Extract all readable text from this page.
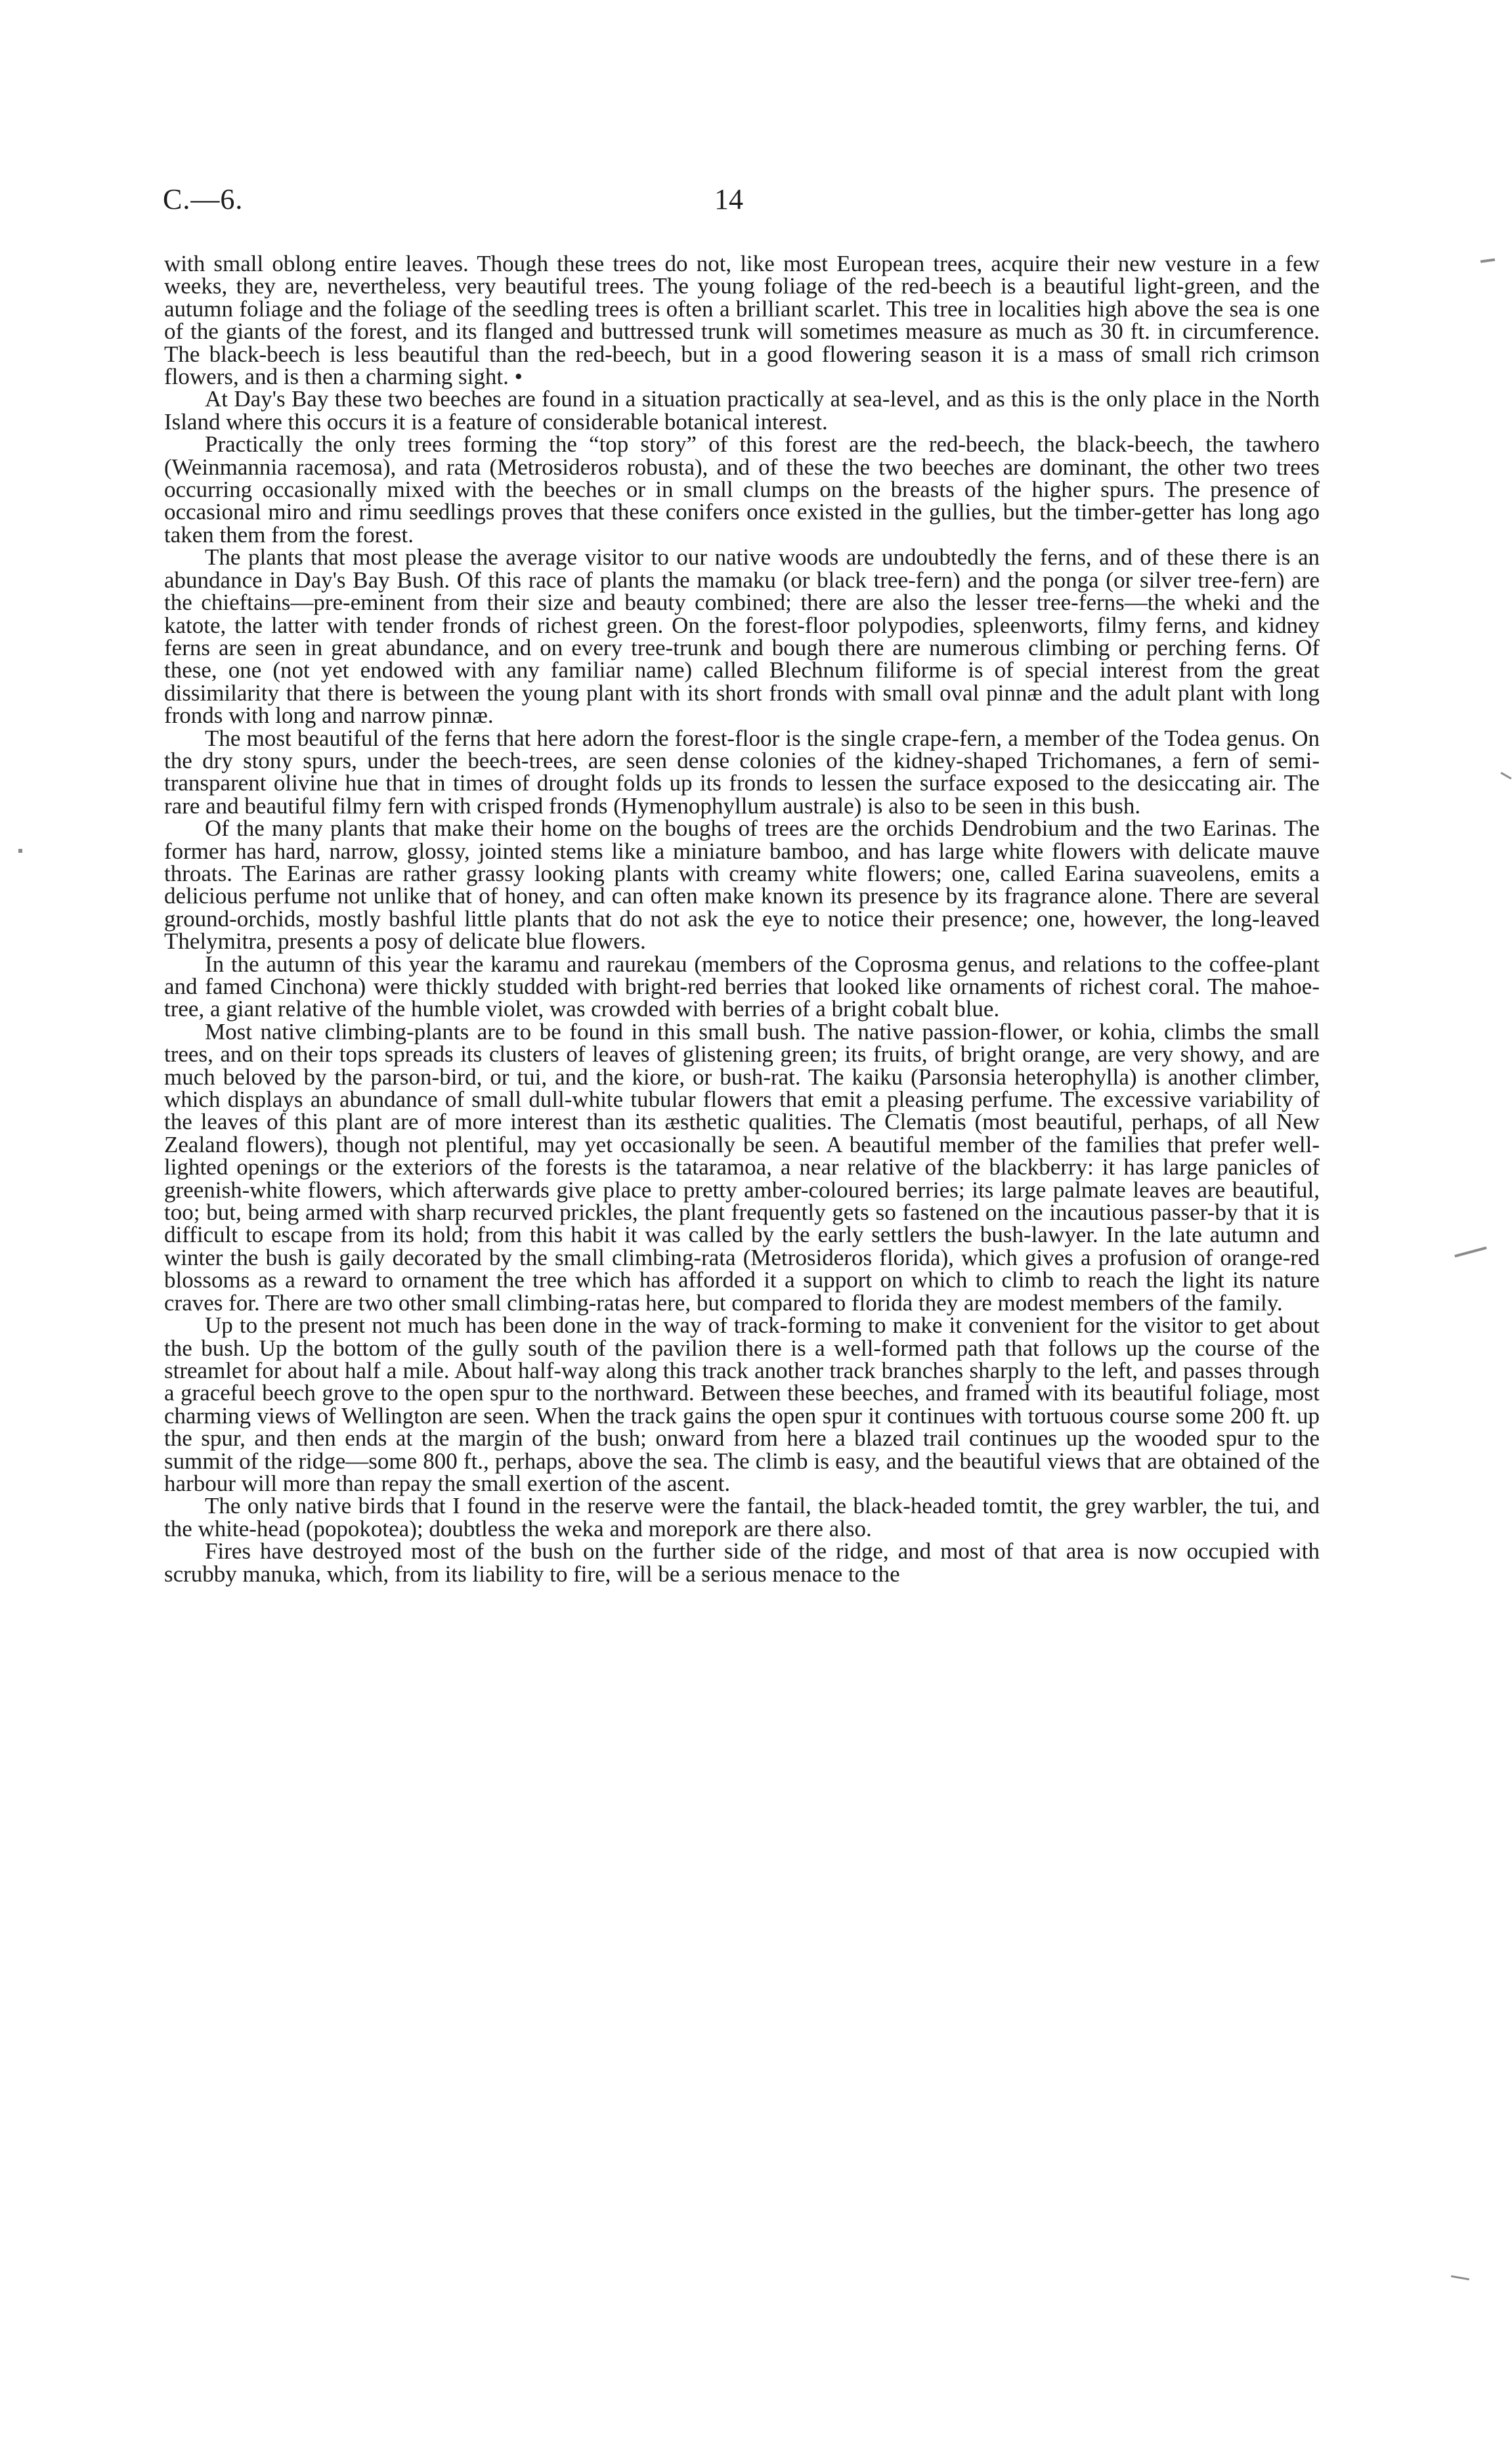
C.—6.	14

with small oblong entire leaves. Though these trees do not, like most European trees, acquire their new vesture in a few weeks, they are, nevertheless, very beautiful trees. The young foliage of the red-beech is a beautiful light-green, and the autumn foliage and the foliage of the seedling trees is often a brilliant scarlet. This tree in localities high above the sea is one of the giants of the forest, and its flanged and buttressed trunk will sometimes measure as much as 30 ft. in circumference. The black-beech is less beautiful than the red-beech, but in a good flowering season it is a mass of small rich crimson flowers, and is then a charming sight. •

At Day's Bay these two beeches are found in a situation practically at sea-level, and as this is the only place in the North Island where this occurs it is a feature of considerable botanical interest.

Practically the only trees forming the “top story” of this forest are the red-beech, the black-beech, the tawhero (Weinmannia racemosa), and rata (Metrosideros robusta), and of these the two beeches are dominant, the other two trees occurring occasionally mixed with the beeches or in small clumps on the breasts of the higher spurs. The presence of occasional miro and rimu seedlings proves that these conifers once existed in the gullies, but the timber-getter has long ago taken them from the forest.

The plants that most please the average visitor to our native woods are undoubtedly the ferns, and of these there is an abundance in Day's Bay Bush. Of this race of plants the mamaku (or black tree-fern) and the ponga (or silver tree-fern) are the chieftains—pre-eminent from their size and beauty combined; there are also the lesser tree-ferns—the wheki and the katote, the latter with tender fronds of richest green. On the forest-floor polypodies, spleenworts, filmy ferns, and kidney ferns are seen in great abundance, and on every tree-trunk and bough there are numerous climbing or perching ferns. Of these, one (not yet endowed with any familiar name) called Blechnum filiforme is of special interest from the great dissimilarity that there is between the young plant with its short fronds with small oval pinnæ and the adult plant with long fronds with long and narrow pinnæ.

The most beautiful of the ferns that here adorn the forest-floor is the single crape-fern, a member of the Todea genus. On the dry stony spurs, under the beech-trees, are seen dense colonies of the kidney-shaped Trichomanes, a fern of semi-transparent olivine hue that in times of drought folds up its fronds to lessen the surface exposed to the desiccating air. The rare and beautiful filmy fern with crisped fronds (Hymenophyllum australe) is also to be seen in this bush.

Of the many plants that make their home on the boughs of trees are the orchids Dendrobium and the two Earinas. The former has hard, narrow, glossy, jointed stems like a miniature bamboo, and has large white flowers with delicate mauve throats. The Earinas are rather grassy looking plants with creamy white flowers; one, called Earina suaveolens, emits a delicious perfume not unlike that of honey, and can often make known its presence by its fragrance alone. There are several ground-orchids, mostly bashful little plants that do not ask the eye to notice their presence; one, however, the long-leaved Thelymitra, presents a posy of delicate blue flowers.

In the autumn of this year the karamu and raurekau (members of the Coprosma genus, and relations to the coffee-plant and famed Cinchona) were thickly studded with bright-red berries that looked like ornaments of richest coral. The mahoe-tree, a giant relative of the humble violet, was crowded with berries of a bright cobalt blue.

Most native climbing-plants are to be found in this small bush. The native passion-flower, or kohia, climbs the small trees, and on their tops spreads its clusters of leaves of glistening green; its fruits, of bright orange, are very showy, and are much beloved by the parson-bird, or tui, and the kiore, or bush-rat. The kaiku (Parsonsia heterophylla) is another climber, which displays an abundance of small dull-white tubular flowers that emit a pleasing perfume. The excessive variability of the leaves of this plant are of more interest than its æsthetic qualities. The Clematis (most beautiful, perhaps, of all New Zealand flowers), though not plentiful, may yet occasionally be seen. A beautiful member of the families that prefer well-lighted openings or the exteriors of the forests is the tataramoa, a near relative of the blackberry: it has large panicles of greenish-white flowers, which afterwards give place to pretty amber-coloured berries; its large palmate leaves are beautiful, too; but, being armed with sharp recurved prickles, the plant frequently gets so fastened on the incautious passer-by that it is difficult to escape from its hold; from this habit it was called by the early settlers the bush-lawyer. In the late autumn and winter the bush is gaily decorated by the small climbing-rata (Metrosideros florida), which gives a profusion of orange-red blossoms as a reward to ornament the tree which has afforded it a support on which to climb to reach the light its nature craves for. There are two other small climbing-ratas here, but compared to florida they are modest members of the family.

Up to the present not much has been done in the way of track-forming to make it convenient for the visitor to get about the bush. Up the bottom of the gully south of the pavilion there is a well-formed path that follows up the course of the streamlet for about half a mile. About half-way along this track another track branches sharply to the left, and passes through a graceful beech grove to the open spur to the northward. Between these beeches, and framed with its beautiful foliage, most charming views of Wellington are seen. When the track gains the open spur it continues with tortuous course some 200 ft. up the spur, and then ends at the margin of the bush; onward from here a blazed trail continues up the wooded spur to the summit of the ridge—some 800 ft., perhaps, above the sea. The climb is easy, and the beautiful views that are obtained of the harbour will more than repay the small exertion of the ascent.

The only native birds that I found in the reserve were the fantail, the black-headed tomtit, the grey warbler, the tui, and the white-head (popokotea); doubtless the weka and morepork are there also.

Fires have destroyed most of the bush on the further side of the ridge, and most of that area is now occupied with scrubby manuka, which, from its liability to fire, will be a serious menace to the
